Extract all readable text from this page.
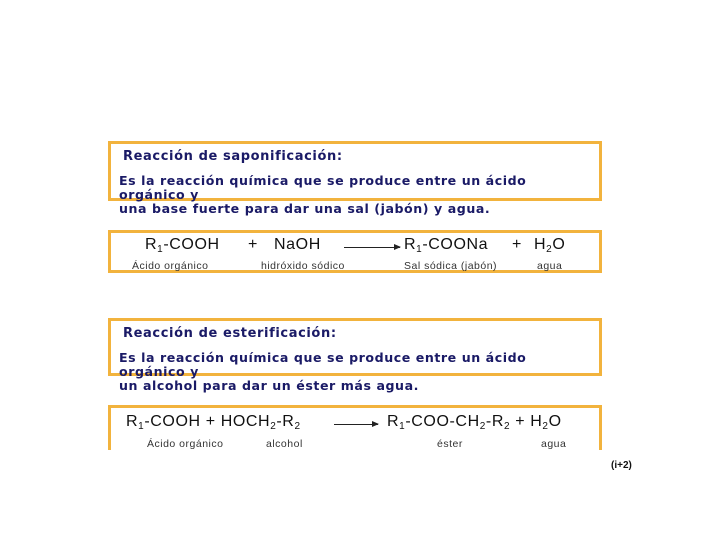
Reacción de saponificación:
Es la reacción química que se produce entre un ácido orgánico y
una base fuerte para dar una sal (jabón) y agua.
$R_1$-COOH + NaOH → $R_1$-COONa + $H_2O$
Ácido orgánico	hidróxido sódico	Sal sódica (jabón)	agua
Reacción de esterificación:
Es la reacción química que se produce entre un ácido orgánico y
un alcohol para dar un éster más agua.
$R_1$-COOH + $HOCH_2-R_2 \to R_1-COO-CH_2-R_2 + H_2O$
Ácido orgánico	alcohol	éster	agua
(i+2)
